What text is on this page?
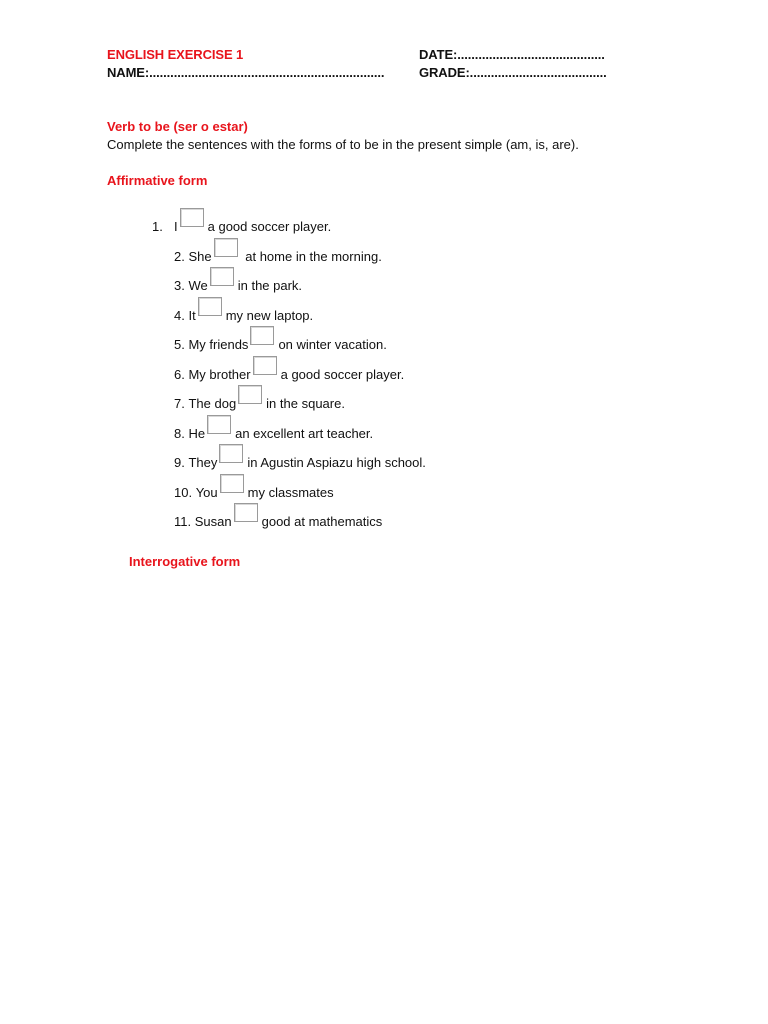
ENGLISH EXERCISE 1	DATE:..........................................
NAME:...................................................................	GRADE:.......................................
Verb to be (ser o estar)
Complete the sentences with the forms of to be in the present simple (am, is, are).
Affirmative form
1. I a good soccer player.
2.
She
	at home in the morning.
3.
We in the park.
4.
It my new laptop.
5.
My friends on winter vacation.
6.
My brother a good soccer player.
7.
The dog in the square.
8.
He an excellent art teacher.
9.
They in Agustin Aspiazu high school.
10.
You my classmates
11.
Susan good at mathematics
Interrogative form
